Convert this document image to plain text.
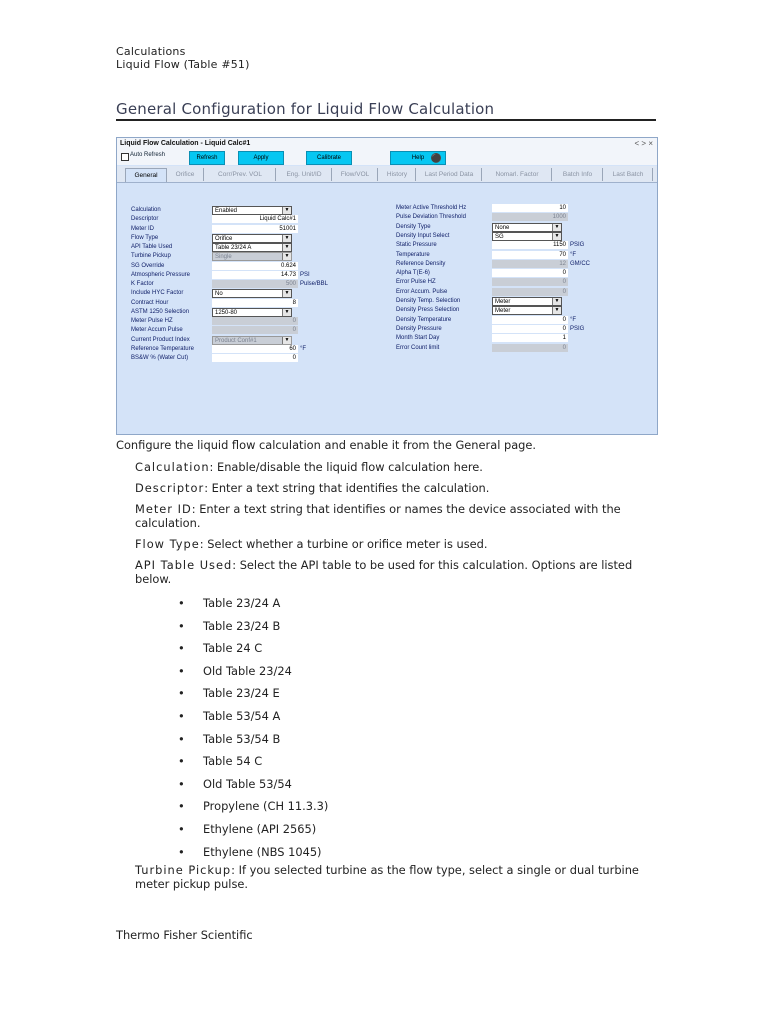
Calculations
Liquid Flow (Table #51)
General Configuration for Liquid Flow Calculation
Liquid Flow Calculation - Liquid Calc#1	< > ×
Auto Refresh	Refresh	Apply	Calibrate	Help ⚫
General	Orifice	Corr/Prev. VOL	Eng. Unit/ID	Flow/VOL	History	Last Period Data	Nomarl. Factor	Batch Info	Last Batch
Calculation	Enabled	▼
Descriptor	Liquid Calc#1
Meter ID	51001
Flow Type	Orifice	▼
API Table Used	Table 23/24 A	▼
Turbine Pickup	Single	▼
SG Override	0.624
Atmospheric Pressure	14.73 PSI
K Factor	500 Pulse/BBL
Include HYC Factor	No	▼
Contract Hour	8
ASTM 1250 Selection	1250-80	▼
Meter Pulse HZ	0
Meter Accum Pulse	0
Current Product Index	Product Conf#1	▼
Reference Temperature	60 °F
BS&W % (Water Cut)	0
Meter Active Threshold Hz	10
Pulse Deviation Threshold	1000
Density Type	None	▼
Density Input Select	SG	▼
Static Pressure	1150 PSIG
Temperature	70 °F
Reference Density	12 GM/CC
Alpha T(E-6)	0
Error Pulse HZ	0
Error Accum. Pulse	0
Density Temp. Selection	Meter	▼
Density Press Selection	Meter	▼
Density Temperature	0 °F
Density Pressure	0 PSIG
Month Start Day	1
Error Count limit	0
Configure the liquid flow calculation and enable it from the General page.
Calculation: Enable/disable the liquid flow calculation here.
Descriptor: Enter a text string that identifies the calculation.
Meter ID: Enter a text string that identifies or names the device associated with the
calculation.
Flow Type: Select whether a turbine or orifice meter is used.
API Table Used: Select the API table to be used for this calculation. Options are listed
below.
• Table 23/24 A
• Table 23/24 B
• Table 24 C
• Old Table 23/24
• Table 23/24 E
• Table 53/54 A
• Table 53/54 B
• Table 54 C
• Old Table 53/54
• Propylene (CH 11.3.3)
• Ethylene (API 2565)
• Ethylene (NBS 1045)
Turbine Pickup: If you selected turbine as the flow type, select a single or dual turbine
meter pickup pulse.
Thermo Fisher Scientific
